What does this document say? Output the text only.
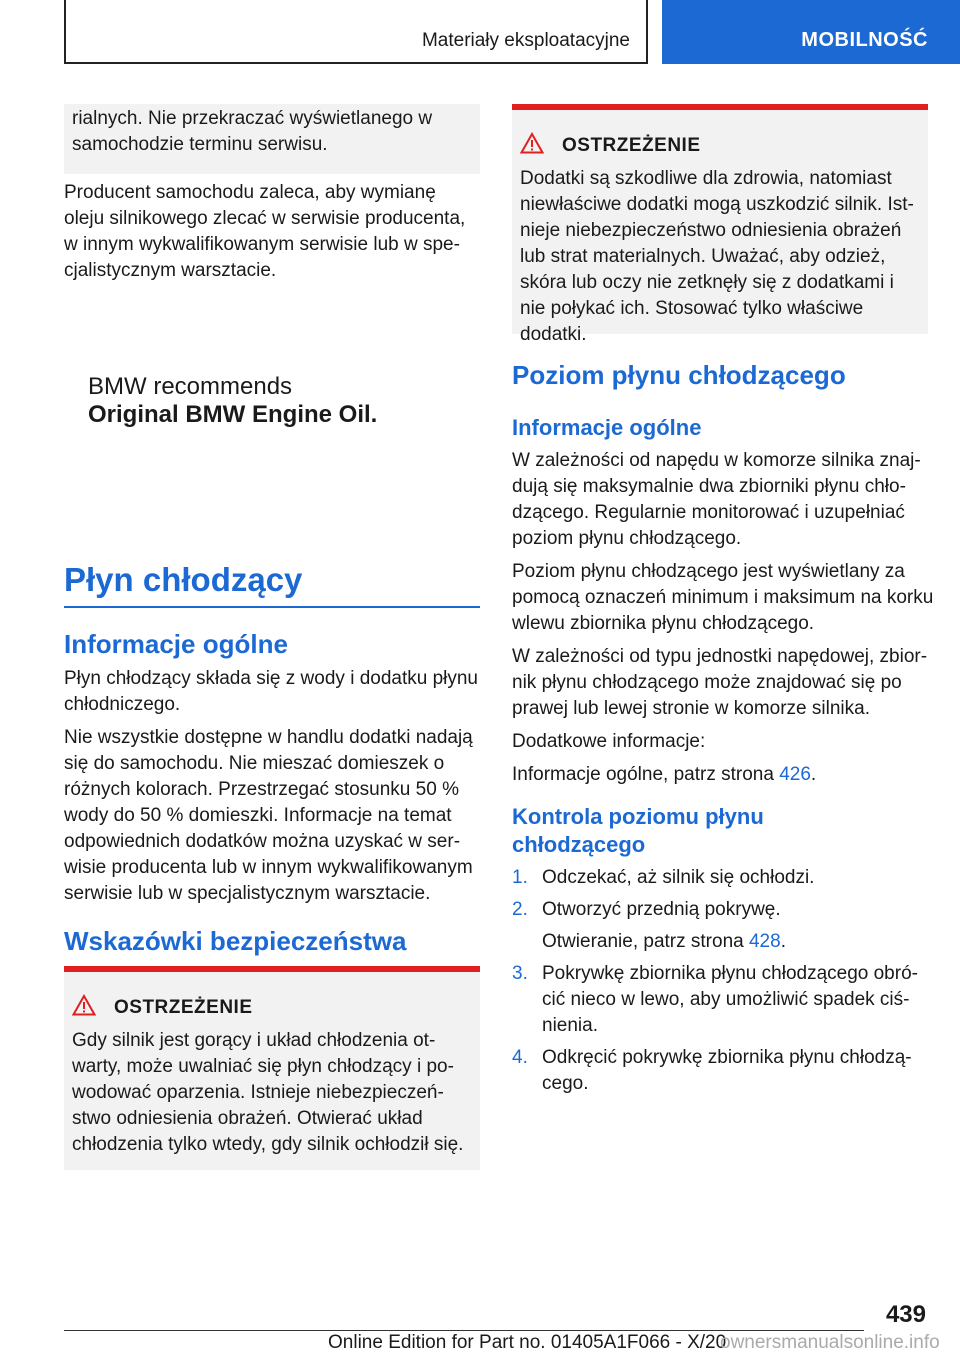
Materiały eksploatacyjne	MOBILNOŚĆ

rialnych. Nie przekraczać wyświetlanego w samochodzie terminu serwisu.

Producent samochodu zaleca, aby wymianę oleju silnikowego zlecać w serwisie producenta, w innym wykwalifikowanym serwisie lub w spe- cjalistycznym warsztacie.

BMW recommends
Original BMW Engine Oil.
Płyn chłodzący
Informacje ogólne

Płyn chłodzący składa się z wody i dodatku płynu chłodniczego.

Nie wszystkie dostępne w handlu dodatki nadają się do samochodu. Nie mieszać domieszek o różnych kolorach. Przestrzegać stosunku 50 % wody do 50 % domieszki. Informacje na temat odpowiednich dodatków można uzyskać w ser- wisie producenta lub w innym wykwalifikowanym serwisie lub w specjalistycznym warsztacie.

Wskazówki bezpieczeństwa
OSTRZEŻENIE

Gdy silnik jest gorący i układ chłodzenia ot- warty, może uwalniać się płyn chłodzący i po- wodować oparzenia. Istnieje niebezpieczeń- stwo odniesienia obrażeń. Otwierać układ chłodzenia tylko wtedy, gdy silnik ochłodził się.

OSTRZEŻENIE

Dodatki są szkodliwe dla zdrowia, natomiast niewłaściwe dodatki mogą uszkodzić silnik. Ist- nieje niebezpieczeństwo odniesienia obrażeń lub strat materialnych. Uważać, aby odzież, skóra lub oczy nie zetknęły się z dodatkami i nie połykać ich. Stosować tylko właściwe dodatki.

Poziom płynu chłodzącego
Informacje ogólne

W zależności od napędu w komorze silnika znaj- dują się maksymalnie dwa zbiorniki płynu chło- dzącego. Regularnie monitorować i uzupełniać poziom płynu chłodzącego.

Poziom płynu chłodzącego jest wyświetlany za pomocą oznaczeń minimum i maksimum na korku wlewu zbiornika płynu chłodzącego.

W zależności od typu jednostki napędowej, zbior- nik płynu chłodzącego może znajdować się po prawej lub lewej stronie w komorze silnika.

Dodatkowe informacje:

Informacje ogólne, patrz strona 426.

Kontrola poziomu płynu chłodzącego
1. Odczekać, aż silnik się ochłodzi.
2. Otworzyć przednią pokrywę.
Otwieranie, patrz strona 428.
3. Pokrywkę zbiornika płynu chłodzącego obró- cić nieco w lewo, aby umożliwić spadek ciś- nienia.
4. Odkręcić pokrywkę zbiornika płynu chłodzą- cego.
439
Online Edition for Part no. 01405A1F066 - X/20
ownersmanualsonline.info
